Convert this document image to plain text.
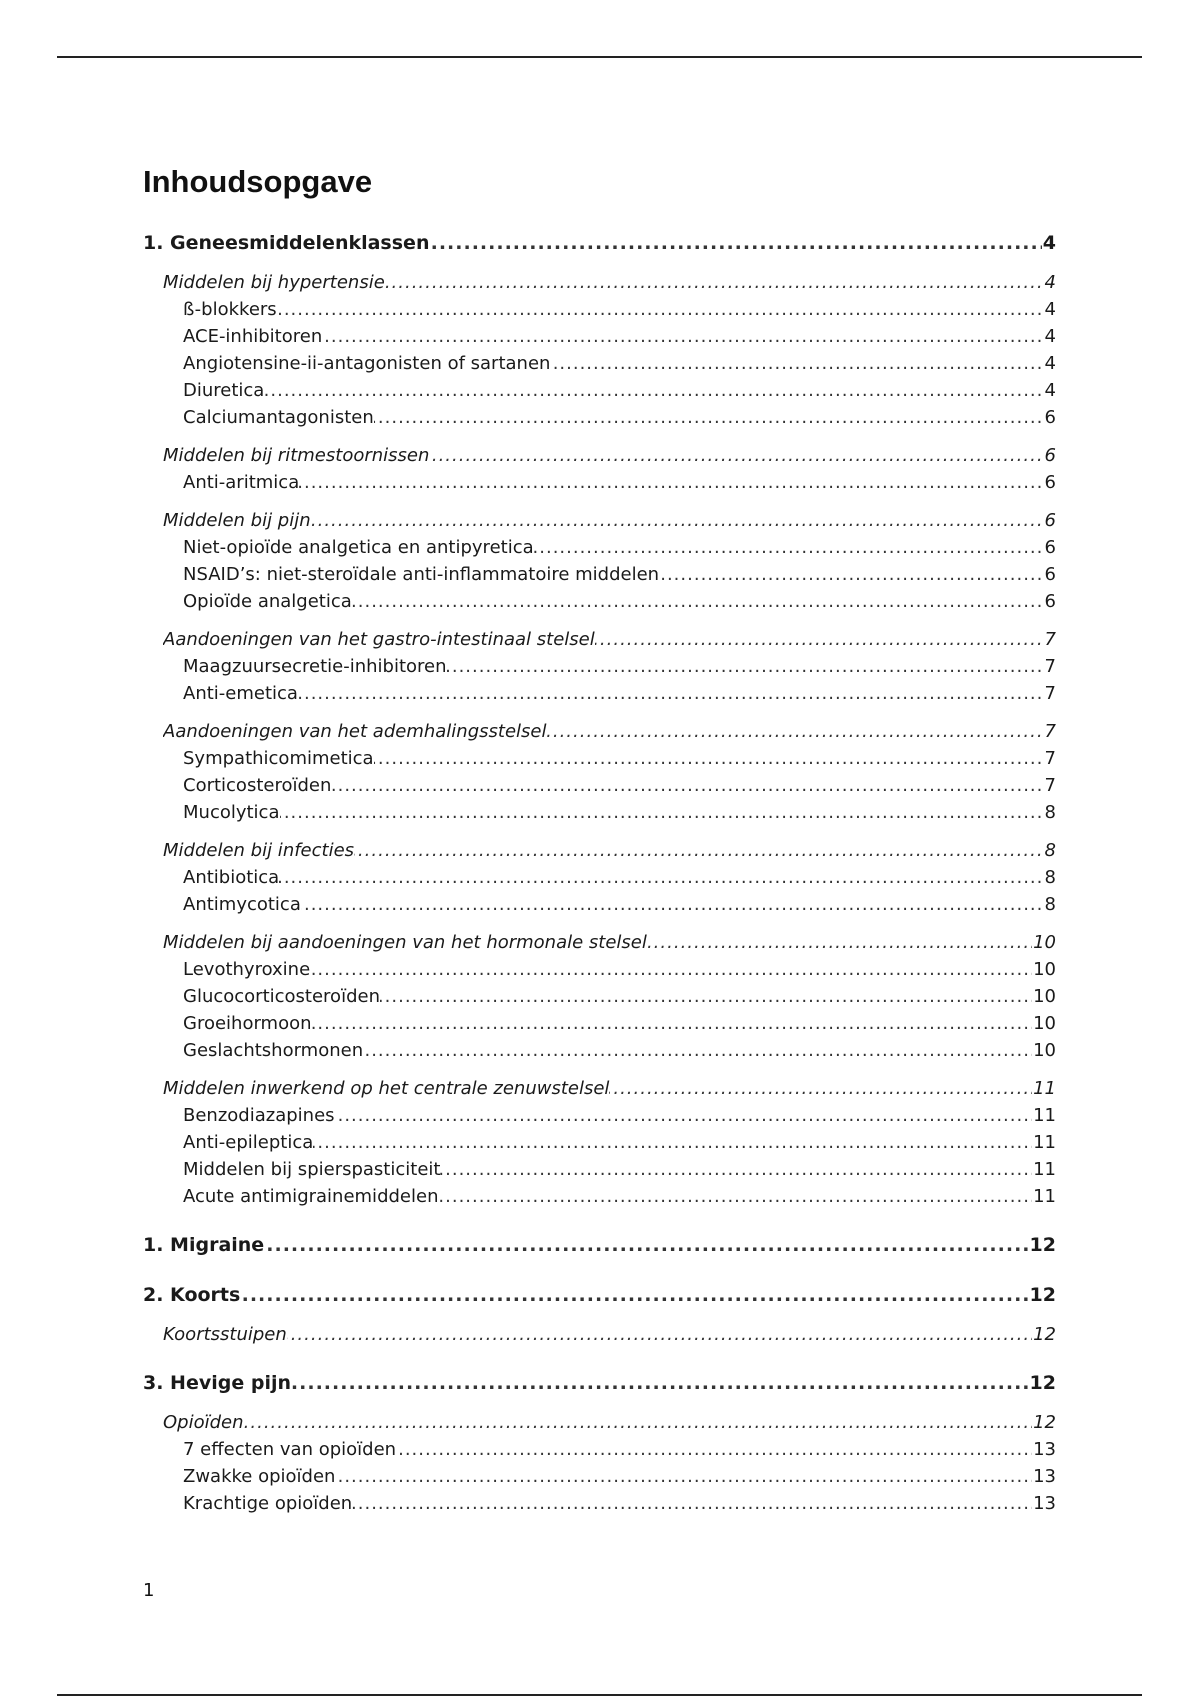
Inhoudsopgave
1. Geneesmiddelenklassen	4
.....
Middelen bij hypertensie	4
.....
ß-blokkers	4
.....
ACE-inhibitoren	4
.....
Angiotensine-ii-antagonisten of sartanen	4
.....
Diuretica	4
.....
Calciumantagonisten	6
.....
Middelen bij ritmestoornissen	6
.....
Anti-aritmica	6
.....
Middelen bij pijn	6
.....
Niet-opioïde analgetica en antipyretica	6
.....
NSAID’s: niet-steroïdale anti-inflammatoire middelen	6
.....
Opioïde analgetica	6
.....
Aandoeningen van het gastro-intestinaal stelsel	7
.....
Maagzuursecretie-inhibitoren	7
.....
Anti-emetica	7
.....
Aandoeningen van het ademhalingsstelsel	7
.....
Sympathicomimetica	7
.....
Corticosteroïden	7
.....
Mucolytica	8
.....
Middelen bij infecties	8
.....
Antibiotica	8
.....
Antimycotica	8
.....
Middelen bij aandoeningen van het hormonale stelsel	10
.....
Levothyroxine	10
.....
Glucocorticosteroïden	10
.....
Groeihormoon	10
.....
Geslachtshormonen	10
.....
Middelen inwerkend op het centrale zenuwstelsel	11
.....
Benzodiazapines	11
.....
Anti-epileptica	11
.....
Middelen bij spierspasticiteit	11
.....
Acute antimigrainemiddelen	11
.....
1. Migraine	12
.....
2. Koorts	12
.....
Koortsstuipen	12
.....
3. Hevige pijn	12
.....
Opioïden	12
.....
7 effecten van opioïden	13
.....
Zwakke opioïden	13
.....
Krachtige opioïden	13
.....
1
